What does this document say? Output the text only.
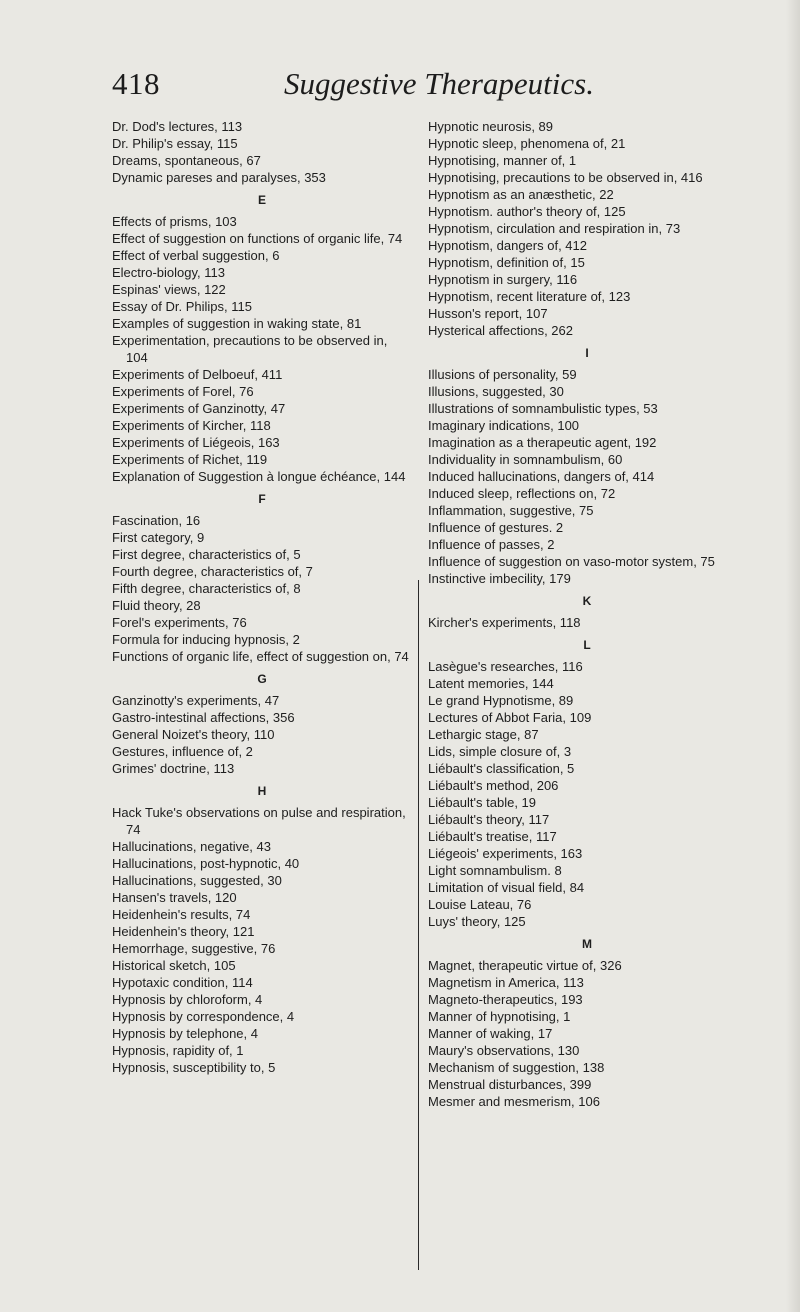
418	Suggestive Therapeutics.
Dr. Dod's lectures, 113
Dr. Philip's essay, 115
Dreams, spontaneous, 67
Dynamic pareses and paralyses, 353
E
Effects of prisms, 103
Effect of suggestion on functions of organic life, 74
Effect of verbal suggestion, 6
Electro-biology, 113
Espinas' views, 122
Essay of Dr. Philips, 115
Examples of suggestion in waking state, 81
Experimentation, precautions to be observed in, 104
Experiments of Delboeuf, 411
Experiments of Forel, 76
Experiments of Ganzinotty, 47
Experiments of Kircher, 118
Experiments of Liégeois, 163
Experiments of Richet, 119
Explanation of Suggestion à longue échéance, 144
F
Fascination, 16
First category, 9
First degree, characteristics of, 5
Fourth degree, characteristics of, 7
Fifth degree, characteristics of, 8
Fluid theory, 28
Forel's experiments, 76
Formula for inducing hypnosis, 2
Functions of organic life, effect of suggestion on, 74
G
Ganzinotty's experiments, 47
Gastro-intestinal affections, 356
General Noizet's theory, 110
Gestures, influence of, 2
Grimes' doctrine, 113
H
Hack Tuke's observations on pulse and respiration, 74
Hallucinations, negative, 43
Hallucinations, post-hypnotic, 40
Hallucinations, suggested, 30
Hansen's travels, 120
Heidenhein's results, 74
Heidenhein's theory, 121
Hemorrhage, suggestive, 76
Historical sketch, 105
Hypotaxic condition, 114
Hypnosis by chloroform, 4
Hypnosis by correspondence, 4
Hypnosis by telephone, 4
Hypnosis, rapidity of, 1
Hypnosis, susceptibility to, 5
Hypnotic neurosis, 89
Hypnotic sleep, phenomena of, 21
Hypnotising, manner of, 1
Hypnotising, precautions to be observed in, 416
Hypnotism as an anæsthetic, 22
Hypnotism. author's theory of, 125
Hypnotism, circulation and respiration in, 73
Hypnotism, dangers of, 412
Hypnotism, definition of, 15
Hypnotism in surgery, 116
Hypnotism, recent literature of, 123
Husson's report, 107
Hysterical affections, 262
I
Illusions of personality, 59
Illusions, suggested, 30
Illustrations of somnambulistic types, 53
Imaginary indications, 100
Imagination as a therapeutic agent, 192
Individuality in somnambulism, 60
Induced hallucinations, dangers of, 414
Induced sleep, reflections on, 72
Inflammation, suggestive, 75
Influence of gestures. 2
Influence of passes, 2
Influence of suggestion on vaso-motor system, 75
Instinctive imbecility, 179
K
Kircher's experiments, 118
L
Lasègue's researches, 116
Latent memories, 144
Le grand Hypnotisme, 89
Lectures of Abbot Faria, 109
Lethargic stage, 87
Lids, simple closure of, 3
Liébault's classification, 5
Liébault's method, 206
Liébault's table, 19
Liébault's theory, 117
Liébault's treatise, 117
Liégeois' experiments, 163
Light somnambulism. 8
Limitation of visual field, 84
Louise Lateau, 76
Luys' theory, 125
M
Magnet, therapeutic virtue of, 326
Magnetism in America, 113
Magneto-therapeutics, 193
Manner of hypnotising, 1
Manner of waking, 17
Maury's observations, 130
Mechanism of suggestion, 138
Menstrual disturbances, 399
Mesmer and mesmerism, 106
